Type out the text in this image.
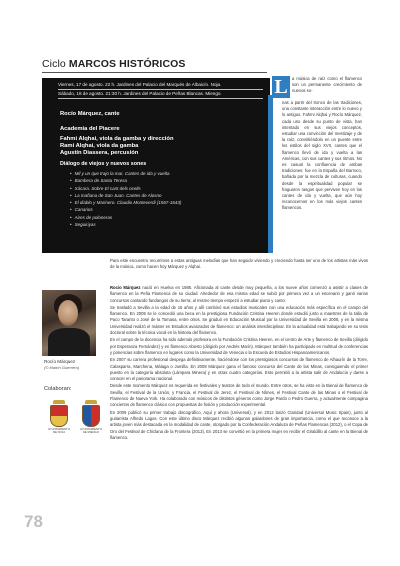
Ciclo MARCOS HISTÓRICOS
Viernes, 17 de agosto. 22 h. Jardines del Palacio del Marqués de Albaicín. Noja.
Sábado, 18 de agosto. 21:30 h. Jardines del Palacio de Peñas Blancas. Miengo.
Rocío Márquez, cante
Academia del Piacere
Fahmi Alqhai, viola da gamba y dirección
Rami Alqhai, viola da gamba
Agustín Diassera, percusión
Diálogo de viejos y nuevos sones
• Mil y un que trajo la mar. Cantes de ida y vuelta
• Bambera de Santa Teresa
• Xácara. Sobre El cant dels ocells
• La mañana de San Juan. Cantes de Alosno
• El diablo y Marinero. Claudio Monteverdi (1567-1643)
• Canarios
• Aires de poloneras
• Seguiriyas
L	a música de raíz como el flamenco son un permanente crecimiento de nuevos so-
nas a partir del tronco de las tradiciones, una constante interacción entre lo nuevo y lo antiguo. Fahmi Alqhai y Rocío Márquez, cada uno desde su punto de vista, han intentado en sus viejos conceptos, estudiar una convicción del mestizaje y de la raíz, convirtiéndolo en un puente entre los estilos del siglo XVII, cantes que el flamenco llevó de ida y vuelta a las Américas, con sus cantes y sus ritmos. No es casual la confluencia de ambas tradiciones: fue en la España del Barroco, bañada por la mezcla de culturas, cuando desde la espiritualidad popular se fraguaron rasgos que perviven hoy en los cantes de ida y vuelta, que aún hoy reconocemos en los más viejos cantes flamencos.
Para este encuentro recurrimos a estas antiguas melodías que han seguido viviendo y creciendo hasta ser uno de los artistas más vivos de la música, como hacen hoy Márquez y Alqhai.
Rocío Márquez
(© Martín Guerrero)
Colaboran:
AYUNTAMIENTO DE NOJA
AYUNTAMIENTO DE MIENGO

Rocío Márquez nació en Huelva en 1985. Aficionada al cante desde muy pequeña, a los nueve años comenzó a asistir a clases de flamenco en la Peña Flamenca de su ciudad. Alrededor de esa misma edad se subió por primera vez a un escenario y ganó varios concursos cantando fandangos de su tierra; al mismo tiempo empezó a estudiar piano y canto.

Se trasladó a Sevilla a la edad de 15 años y allí combinó sus estudios musicales con una educación más específica en el campo del flamenco. En 2005 se le concedió una beca en la prestigiosa Fundación Cristina Heeren donde estudió junto a maestros de la talla de Paco Taranto o José de la Tomasa, entre otros. Se graduó en Educación Musical por la Universidad de Sevilla en 2008, y en la misma Universidad realizó el máster en Estudios avanzados de flamenco: un análisis interdisciplinar. En la actualidad está trabajando en su tesis doctoral sobre la técnica vocal en la historia del flamenco.

En el campo de la docencia ha sido además profesora en la Fundación Cristina Heeren, en el centro de Arte y flamenco de Sevilla (dirigido por Esperanza Fernández) y en flamenco Abierto (dirigido por Andrés Marín). Márquez también ha participado en multitud de conferencias y ponencias sobre flamenco en lugares como la Universidad de Venecia o la Escuela de Estudios Hispanoamericanos.

En 2007 su carrera profesional despega definitivamente, haciéndose con los prestigiosos concursos de flamenco de Alhaurín de la Torre, Calasparra, Marchena, Málaga o Jumilla. En 2008 Márquez gana el famoso concurso del Cante de las Minas, consiguiendo el primer puesto en la categoría absoluta (Lámpara Minera) y en otras cuatro categorías. Esto permitió a la artista salir de Andalucía y darse a conocer en el panorama nacional.

Desde este momento Márquez es requerida en festivales y teatros de todo el mundo. Entre otros, se ha visto en la Bienal de flamenco de Sevilla, el Festival de la Unión, y Francia, el Festival de Jerez, el Festival de Nîmes, el Festival Cante de las Minas o el Festival de Flamenco de Nueva York. Ha colaborado con músicos de distintos géneros como Jorge Pardo o Pedro Guerra, y actualmente compagina conciertos de flamenco clásico con propuestas de fusión y producción experimental.

En 2009 publicó su primer trabajo discográfico, Aquí y ahora (Universal), y en 2012 lanzó Claridad (Universal Music Spain), junto al guitarrista Alfredo Lagos. Con este último disco Márquez recibió algunos galardones de gran importancia, como el que reconoce a la artista joven más destacada en la modalidad de cante, otorgado por la Confederación Andaluza de Peñas Flamencas (2012), o el Copa de Oro del Festival de Chiclana de la Frontera (2013). En 2013 se convirtió en la primera mujer en recibir el Giraldillo al cante en la Bienal de flamenco.

78
